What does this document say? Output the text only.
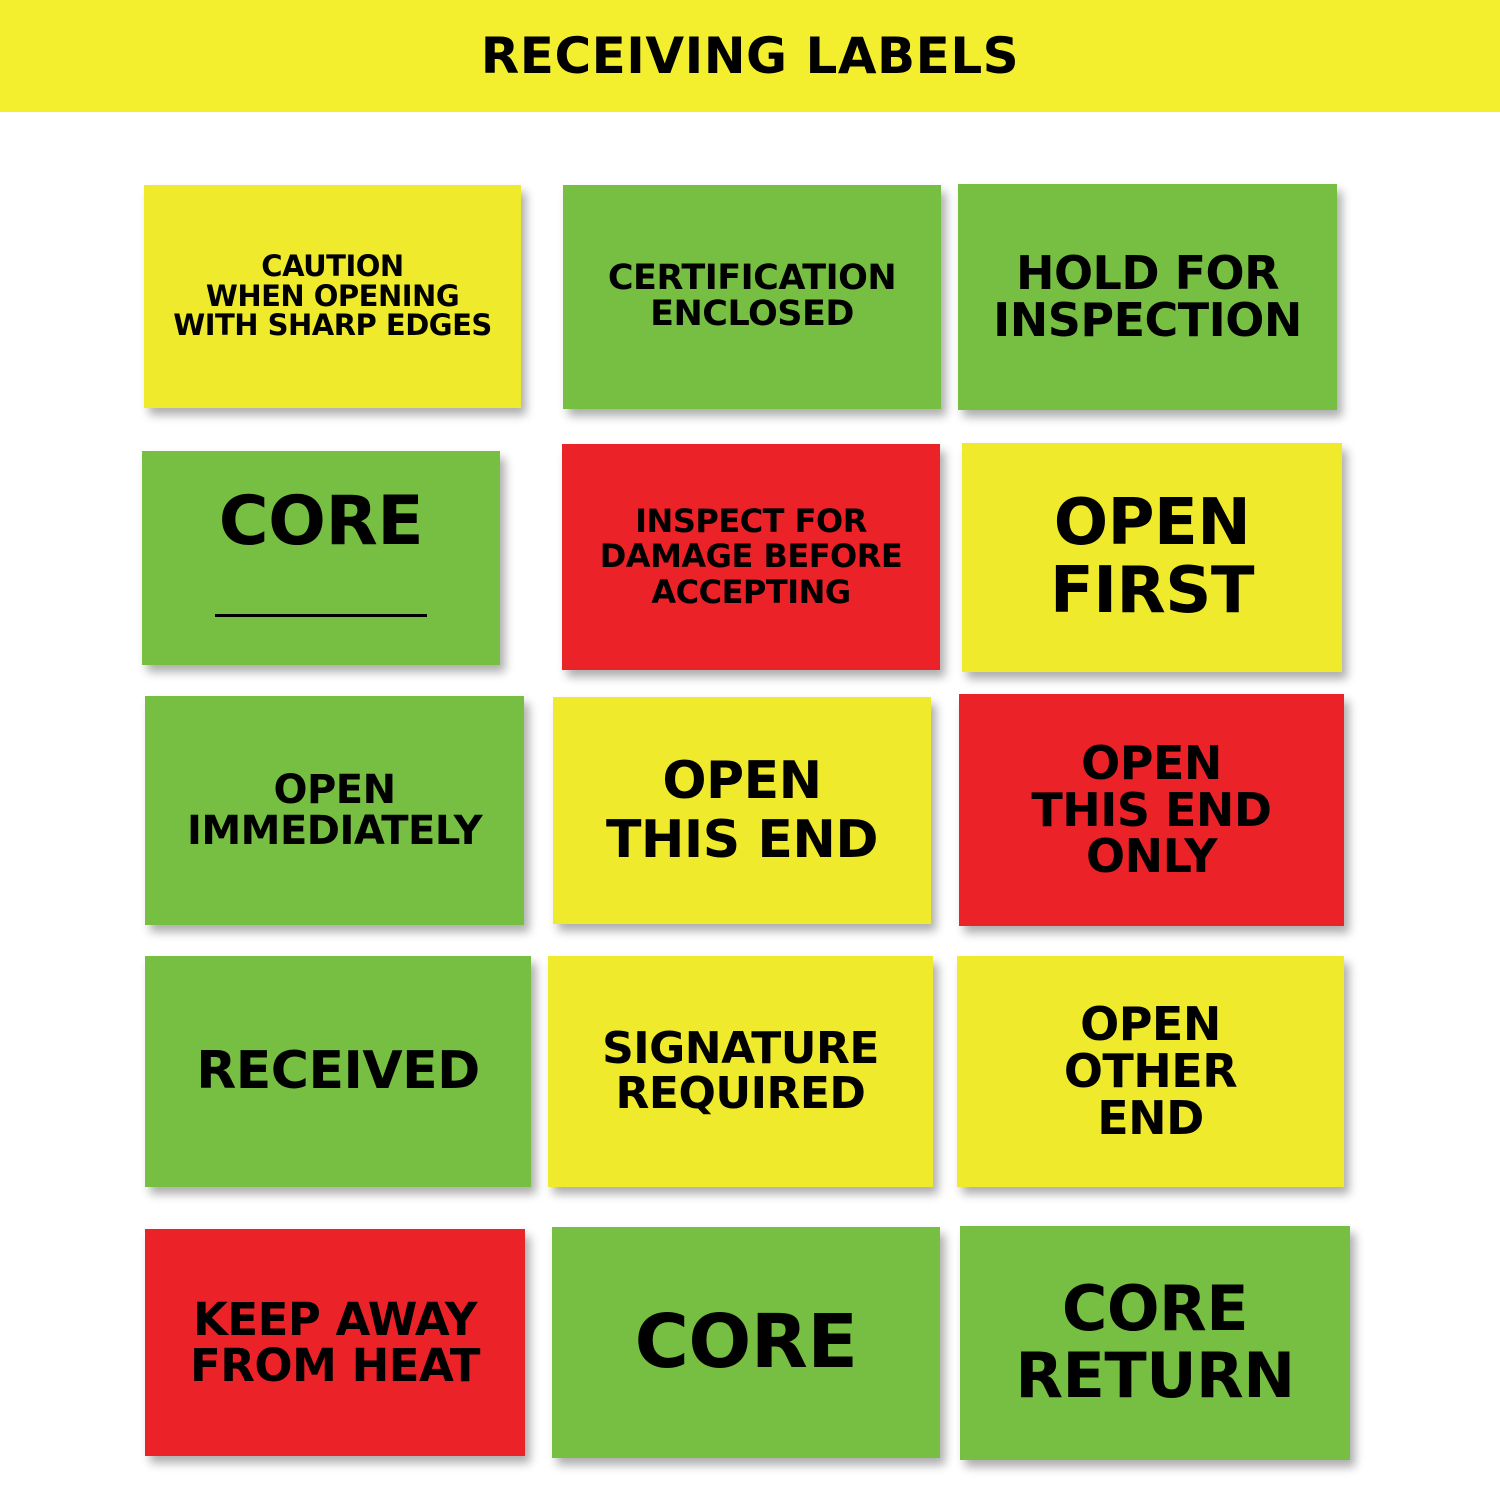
RECEIVING LABELS
CAUTION
WHEN OPENING
WITH SHARP EDGES
CERTIFICATION
ENCLOSED
HOLD FOR
INSPECTION
CORE	INSPECT FOR
DAMAGE BEFORE
ACCEPTING
OPEN
FIRST
OPEN
IMMEDIATELY
OPEN
THIS END
OPEN
THIS END
ONLY
RECEIVED	SIGNATURE
REQUIRED
OPEN
OTHER
END
KEEP AWAY
FROM HEAT CORE	CORE
RETURN
